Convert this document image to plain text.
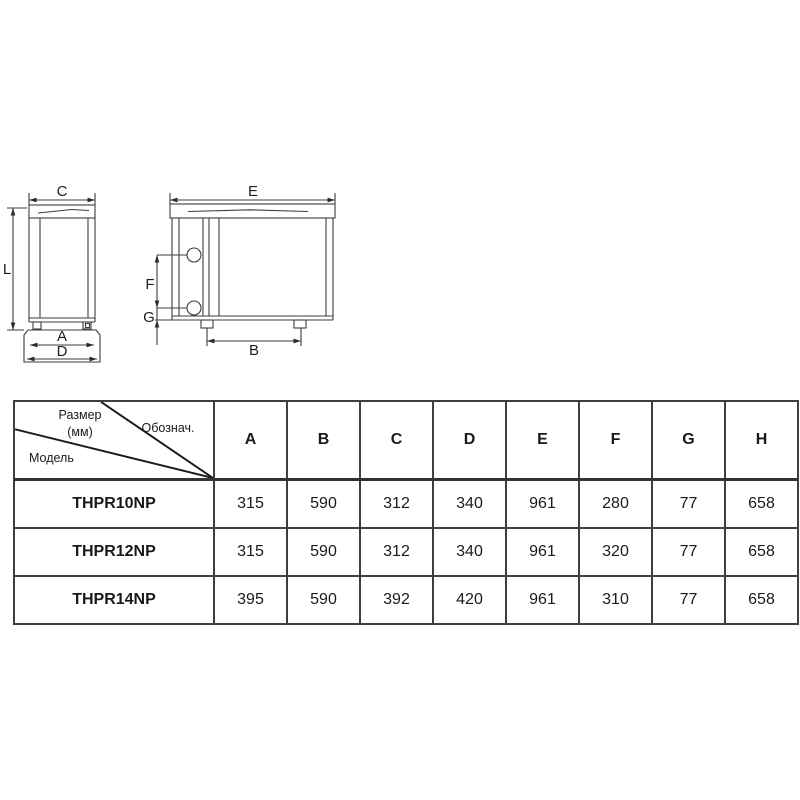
C
L
A
D
E
F
G
B
Размер
(мм) Обознач.
Модель	A	B	C	D	E	F	G	H
THPR10NP	315	590	312	340	961	280	77	658
THPR12NP	315	590	312	340	961	320	77	658
THPR14NP	395	590	392	420	961	310	77	658
